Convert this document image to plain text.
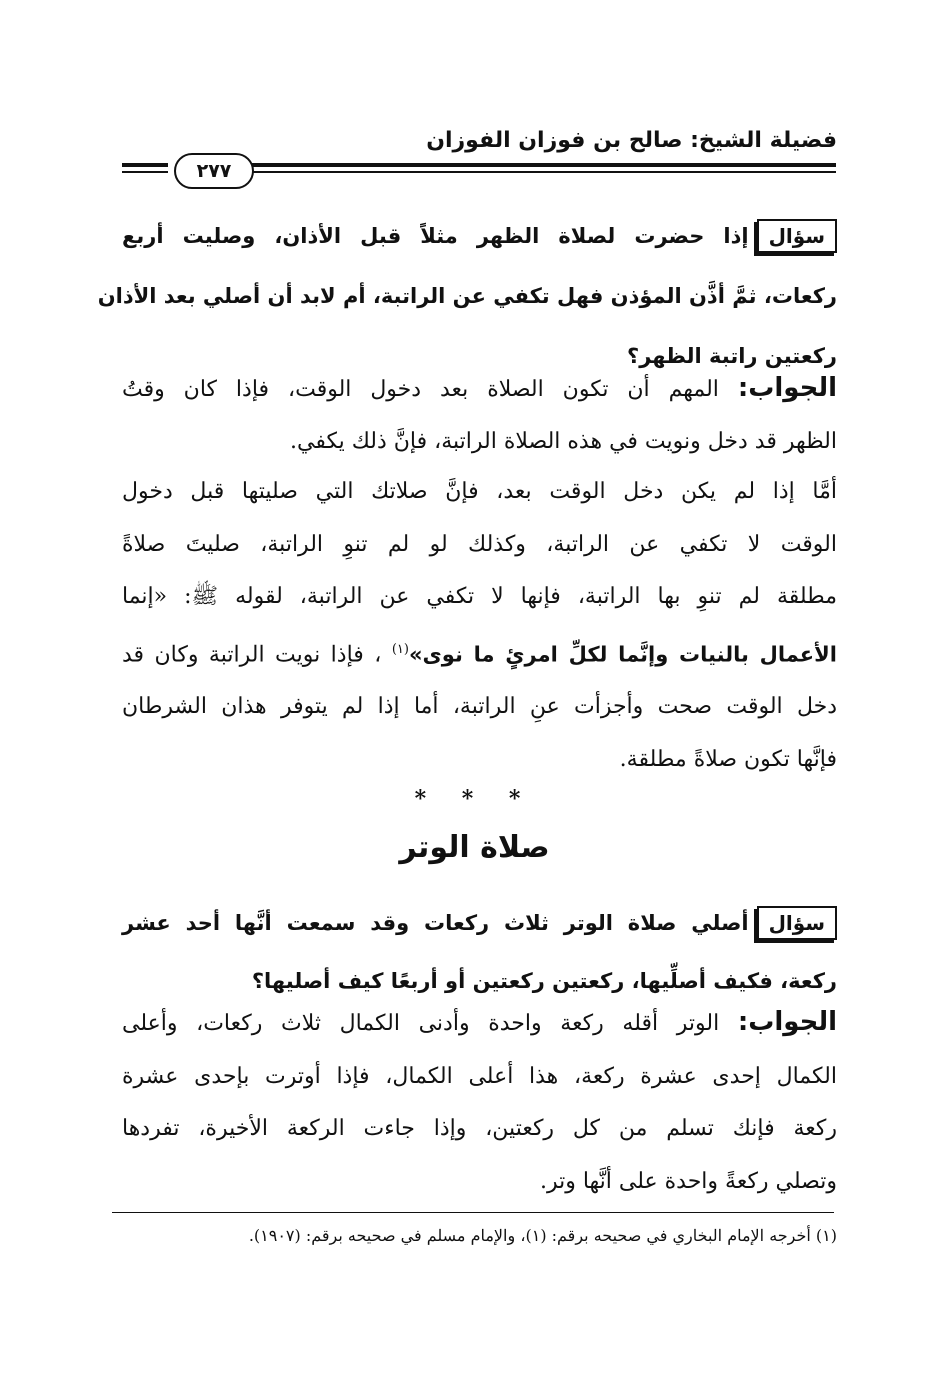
فضيلة الشيخ: صالح بن فوزان الفوزان
٢٧٧
سؤالإذا حضرت لصلاة الظهر مثلاً قبل الأذان، وصليت أربع
ركعات، ثمَّ أذَّن المؤذن فهل تكفي عن الراتبة، أم لابد أن أصلي بعد الأذان
ركعتين راتبة الظهر؟
الجواب: المهم أن تكون الصلاة بعد دخول الوقت، فإذا كان وقتُ
الظهر قد دخل ونويت في هذه الصلاة الراتبة، فإنَّ ذلك يكفي.
أمَّا إذا لم يكن دخل الوقت بعد، فإنَّ صلاتك التي صليتها قبل دخول
الوقت لا تكفي عن الراتبة، وكذلك لو لم تنوِ الراتبة، صليتَ صلاةً
مطلقة لم تنوِ بها الراتبة، فإنها لا تكفي عن الراتبة، لقوله ﷺ: «إنما
الأعمال بالنيات وإنَّما لكلِّ امرئٍ ما نوى»$^{(١)}$ ، فإذا نويت الراتبة وكان قد
دخل الوقت صحت وأجزأت عنِ الراتبة، أما إذا لم يتوفر هذان الشرطان
فإنَّها تكون صلاةً مطلقة.
* * *
صلاة الوتر
سؤالأصلي صلاة الوتر ثلاث ركعات وقد سمعت أنَّها أحد عشر
ركعة، فكيف أصلِّيها، ركعتين ركعتين أو أربعًا كيف أصليها؟
الجواب: الوتر أقله ركعة واحدة وأدنى الكمال ثلاث ركعات، وأعلى
الكمال إحدى عشرة ركعة، هذا أعلى الكمال، فإذا أوترت بإحدى عشرة
ركعة فإنك تسلم من كل ركعتين، وإذا جاءت الركعة الأخيرة، تفردها
وتصلي ركعةً واحدة على أنَّها وتر.
(١) أخرجه الإمام البخاري في صحيحه برقم: (١)، والإمام مسلم في صحيحه برقم: (١٩٠٧).
